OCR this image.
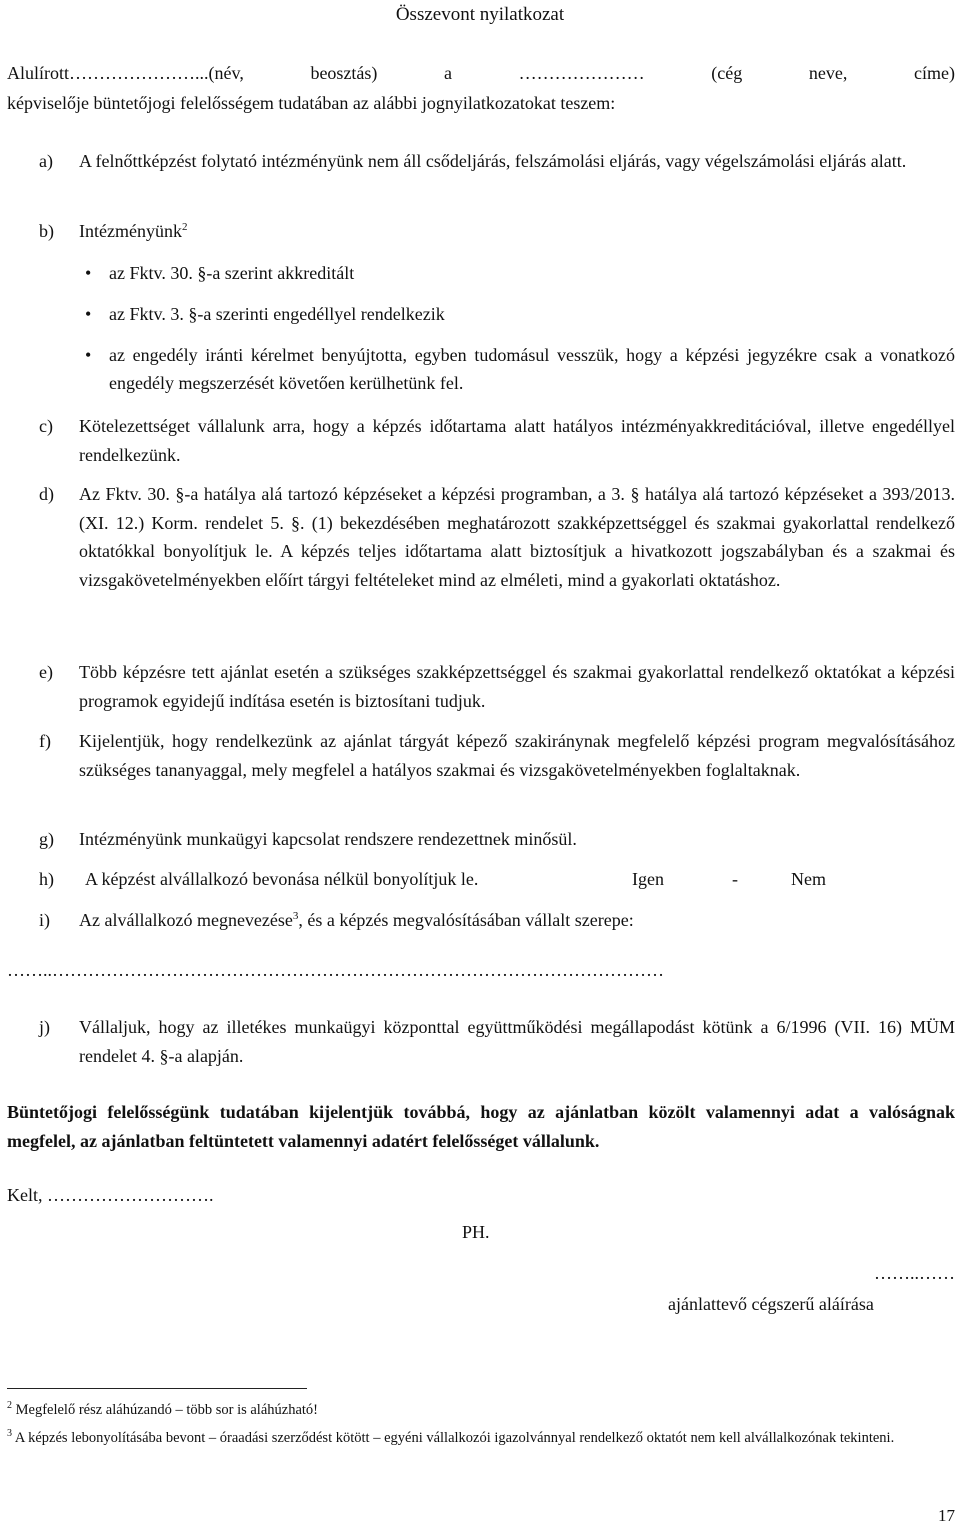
Összevont nyilatkozat
Alulírott…………………...(név, beosztás) a ………………… (cég neve, címe)
képviselője büntetőjogi felelősségem tudatában az alábbi jognyilatkozatokat teszem:
a) A felnőttképzést folytató intézményünk nem áll csődeljárás, felszámolási eljárás, vagy végelszámolási eljárás alatt.
b) Intézményünk$^2$
• az Fktv. 30. §-a szerint akkreditált
• az Fktv. 3. §-a szerinti engedéllyel rendelkezik
• az engedély iránti kérelmet benyújtotta, egyben tudomásul vesszük, hogy a képzési jegyzékre csak a vonatkozó engedély megszerzését követően kerülhetünk fel.
c) Kötelezettséget vállalunk arra, hogy a képzés időtartama alatt hatályos intézményakkreditációval, illetve engedéllyel rendelkezünk.
d) Az Fktv. 30. §-a hatálya alá tartozó képzéseket a képzési programban, a 3. § hatálya alá tartozó képzéseket a 393/2013. (XI. 12.) Korm. rendelet 5. §. (1) bekezdésében meghatározott szakképzettséggel és szakmai gyakorlattal rendelkező oktatókkal bonyolítjuk le. A képzés teljes időtartama alatt biztosítjuk a hivatkozott jogszabályban és a szakmai és vizsgakövetelményekben előírt tárgyi feltételeket mind az elméleti, mind a gyakorlati oktatáshoz.
e) Több képzésre tett ajánlat esetén a szükséges szakképzettséggel és szakmai gyakorlattal rendelkező oktatókat a képzési programok egyidejű indítása esetén is biztosítani tudjuk.
f) Kijelentjük, hogy rendelkezünk az ajánlat tárgyát képező szakiránynak megfelelő képzési program megvalósításához szükséges tananyaggal, mely megfelel a hatályos szakmai és vizsgakövetelményekben foglaltaknak.
g) Intézményünk munkaügyi kapcsolat rendszere rendezettnek minősül.
h) A képzést alvállalkozó bevonása nélkül bonyolítjuk le.	Igen	-	Nem
i) Az alvállalkozó megnevezése$^3$, és a képzés megvalósításában vállalt szerepe:
……..…………………………………………………………………………………………
j) Vállaljuk, hogy az illetékes munkaügyi központtal együttműködési megállapodást kötünk a 6/1996 (VII. 16) MÜM rendelet 4. §-a alapján.
Büntetőjogi felelősségünk tudatában kijelentjük továbbá, hogy az ajánlatban közölt valamennyi adat a valóságnak megfelel, az ajánlatban feltüntetett valamennyi adatért felelősséget vállalunk.
Kelt, ……………………….
PH.
……..……
ajánlattevő cégszerű aláírása
$^2$ Megfelelő rész aláhúzandó – több sor is aláhúzható!
$^3$ A képzés lebonyolításába bevont – óraadási szerződést kötött – egyéni vállalkozói igazolvánnyal rendelkező oktatót nem kell alvállalkozónak tekinteni.
17
